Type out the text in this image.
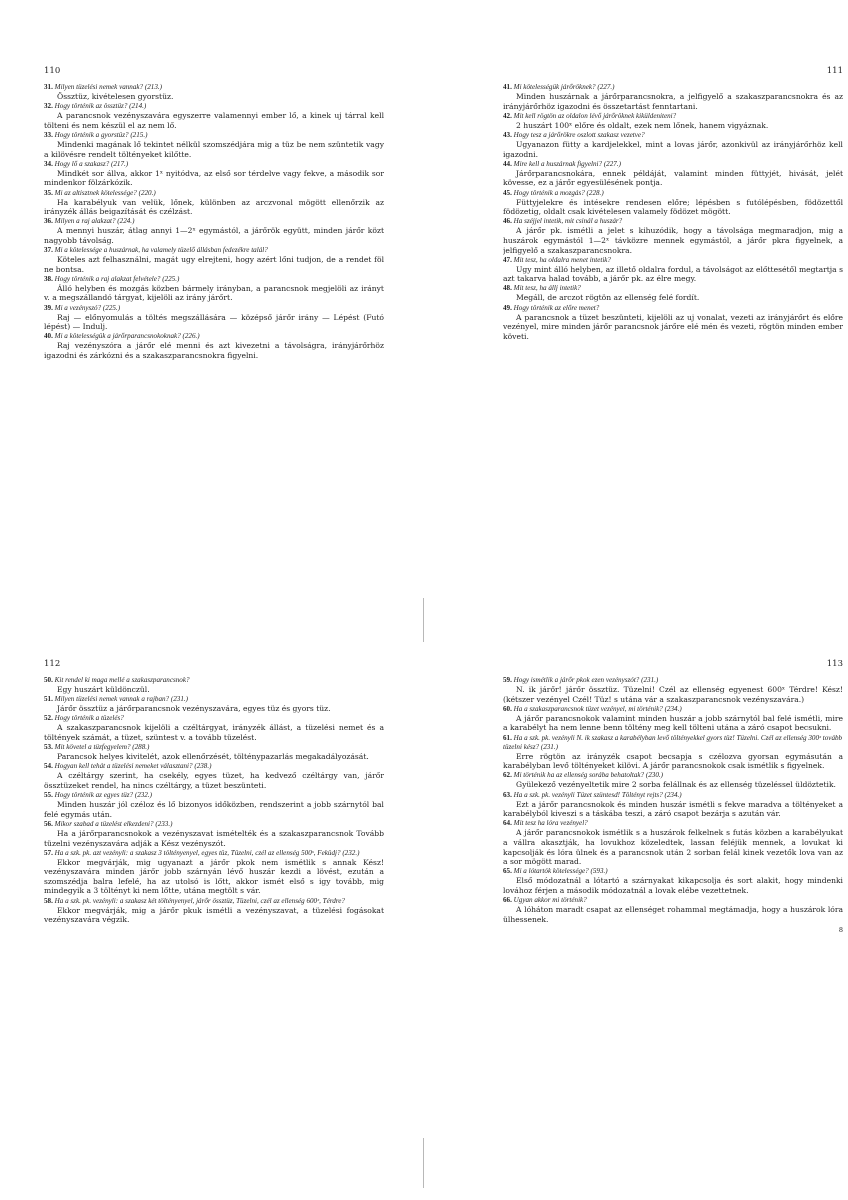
110

31. Milyen tüzelési nemek vannak? (213.)

Össztüz, kivételesen gyorstüz.

32. Hogy történik az össztüz? (214.)

A parancsnok vezényszavára egyszerre valamennyi ember lő, a kinek uj tárral kell tölteni és nem készül el az nem lő.

33. Hogy történik a gyorstüz? (215.)

Mindenki magának lő tekintet nélkül szomszédjára mig a tüz be nem szüntetik vagy a kilövésre rendelt töltényeket kilőtte.

34. Hogy lő a szakasz? (217.)

Mindkét sor állva, akkor 1ˣ nyitódva, az első sor térdelve vagy fekve, a második sor mindenkor fölzárkózik.

35. Mi az altisztnek kötelessége? (220.)

Ha karabélyuk van velük, lőnek, különben az arczvonal mögött ellenőrzik az irányzék állás beigazítását és czélzást.

36. Milyen a raj alakzat? (224.)

A mennyi huszár, átlag annyi 1—2ˣ egymástól, a járőrök együtt, minden járőr közt nagyobb távolság.

37. Mi a kötelessége a huszárnak, ha valamely tüzelő állásban fedezékre talál?

Köteles azt felhasználni, magát ugy elrejteni, hogy azért lőni tudjon, de a rendet föl ne bontsa.

38. Hogy történik a raj alakzat felvétele? (225.)

Álló helyben és mozgás közben bármely irányban, a parancsnok megjelöli az irányt v. a megszállandó tárgyat, kijelöli az irány járőrt.

39. Mi a vezényszó? (225.)

Raj — előnyomulás a töltés megszállására — középső járőr irány — Lépést (Futó lépést) — Indulj.

40. Mi a kötelességük a járőrparancsnokoknak? (226.)

Raj vezényszóra a járőr elé menni és azt kivezetni a távolságra, irányjárőrhöz igazodni és zárkózni és a szakaszparancsnokra figyelni.

111

41. Mi kötelességük járőröknek? (227.)

Minden huszárnak a járőrparancsnokra, a jelfigyelő a szakaszparancsnokra és az irányjárőrhöz igazodni és összetartást fenntartani.

42. Mit kell rögtön az oldalon lévő járőröknek kiküldeniteni?

2 huszárt 100ˣ előre és oldalt, ezek nem lőnek, hanem vigyáznak.

43. Hogy tesz a járőrökre oszlott szakasz vezetve?

Ugyanazon fütty a kardjelekkel, mint a lovas járőr, azonkivül az irányjárőrhöz kell igazodni.

44. Mire kell a huszárnak figyelni? (227.)

Járőrparancsnokára, ennek példáját, valamint minden füttyjét, hivását, jelét kövesse, ez a járőr egyesülésének pontja.

45. Hogy történik a mozgás? (228.)

Füttyjelekre és intésekre rendesen előre; lépésben s futólépésben, födözettől födözetig, oldalt csak kivételesen valamely födözet mögött.

46. Ha széjjel intetik, mit csinál a huszár?

A járőr pk. ismétli a jelet s kihuzódik, hogy a távolsága megmaradjon, mig a huszárok egymástól 1—2ˣ távközre mennek egymástól, a járőr pkra figyelnek, a jelfigyelő a szakaszparancsnokra.

47. Mit tesz, ha oldalra menet intetik?

Ugy mint álló helyben, az illető oldalra fordul, a távolságot az előttesétől megtartja s azt takarva halad tovább, a járőr pk. az élre megy.

48. Mit tesz, ha állj intetik?

Megáll, de arczot rögtön az ellenség felé fordít.

49. Hogy történik az előre menet?

A parancsnok a tüzet beszünteti, kijelöli az uj vonalat, vezeti az irányjárőrt és előre vezényel, mire minden járőr parancsnok járőre elé mén és vezeti, rögtön minden ember követi.

112

50. Kit rendel ki maga mellé a szakaszparancsnok?

Egy huszárt küldönczül.

51. Milyen tüzelési nemek vannak a rajban? (231.)

Járőr össztüz a járőrparancsnok vezényszavára, egyes tüz és gyors tüz.

52. Hogy történik a tüzelés?

A szakaszparancsnok kijelöli a czéltárgyat, irányzék állást, a tüzelési nemet és a töltények számát, a tüzet, szüntest v. a tovább tüzelést.

53. Mit követel a tüzfegyelem? (288.)

Parancsok helyes kivitelét, azok ellenőrzését, tölténypazarlás megakadályozását.

54. Hogyan kell tehát a tüzelési nemeket választani? (238.)

A czéltárgy szerint, ha csekély, egyes tüzet, ha kedvező czéltárgy van, járőr össztüzeket rendel, ha nincs czéltárgy, a tüzet beszünteti.

55. Hogy történik az egyes tüz? (232.)

Minden huszár jól czéloz és lő bizonyos időközben, rendszerint a jobb szárnytól bal felé egymás után.

56. Mikor szabad a tüzelést elkezdeni? (233.)

Ha a járőrparancsnokok a vezényszavat ismételték és a szakaszparancsnok Tovább tüzelni vezényszavára adják a Kész vezényszót.

57. Ha a szk. pk. azt vezényli: a szakasz 3 töltényenyel, egyes tüz, Tüzelni, czél az ellenség 500ˣ, Feküdj? (232.)

Ekkor megvárják, mig ugyanazt a járőr pkok nem ismétlik s annak Kész! vezényszavára minden járőr jobb szárnyán lévő huszár kezdi a lövést, ezután a szomszédja balra lefelé, ha az utolsó is lőtt, akkor ismét első s igy tovább, mig mindegyik a 3 töltényt ki nem lőtte, utána megtölt s vár.

58. Ha a szk. pk. vezényli: a szakasz két töltényenyel, járőr össztüz, Tüzelni, czél az ellenség 600ˣ, Térdre?

Ekkor megvárják, mig a járőr pkuk ismétli a vezényszavat, a tüzelési fogásokat vezényszavára végzik.

113

59. Hogy ismétlik a járőr pkok ezen vezényszót? (231.)

N. ik járőr! járőr össztüz. Tüzelni! Czél az ellenség egyenest 600ˣ Térdre! Kész! (kétszer vezényel Czél! Tüz! s utána vár a szakaszparancsnok vezényszavára.)

60. Ha a szakaszparancsnok tüzet vezényel, mi történik? (234.)

A járőr parancsnokok valamint minden huszár a jobb szárnytól bal felé ismétli, mire a karabélyt ha nem lenne benn töltény meg kell tölteni utána a záró csapot becsukni.

61. Ha a szk. pk. vezényli N. ik szakasz a karabélyban levő töltényekkel gyors tüz! Tüzelni. Czél az ellenség 300ˣ tovább tüzelni kész? (231.)

Erre rögtön az irányzék csapot becsapja s czélozva gyorsan egymásután a karabélyban levő töltényeket kilövi. A járőr parancsnokok csak ismétlik s figyelnek.

62. Mi történik ha az ellenség sorába behatoltak? (230.)

Gyülekező vezényeltetik mire 2 sorba felállnak és az ellenség tüzeléssel üldöztetik.

63. Ha a szk. pk. vezényli Tüzet szüntesd! Töltényt rejts? (234.)

Ezt a járőr parancsnokok és minden huszár ismétli s fekve maradva a töltényeket a karabélyból kiveszi s a táskába teszi, a záró csapot bezárja s azután vár.

64. Mit tesz ha lóra vezényel?

A járőr parancsnokok ismétlik s a huszárok felkelnek s futás közben a karabélyukat a vállra akasztják, ha lovukhoz közeledtek, lassan feléjük mennek, a lovukat ki kapcsolják és lóra ülnek és a parancsnok után 2 sorban felál kinek vezetők lova van az a sor mögött marad.

65. Mi a lótartók kötelessége? (593.)

Első módozatnál a lótartó a szárnyakat kikapcsolja és sort alakit, hogy mindenki lovához férjen a második módozatnál a lovak elébe vezettetnek.

66. Ugyan akkor mi történik?

A lóháton maradt csapat az ellenséget rohammal megtámadja, hogy a huszárok lóra ülhessenek.

8
